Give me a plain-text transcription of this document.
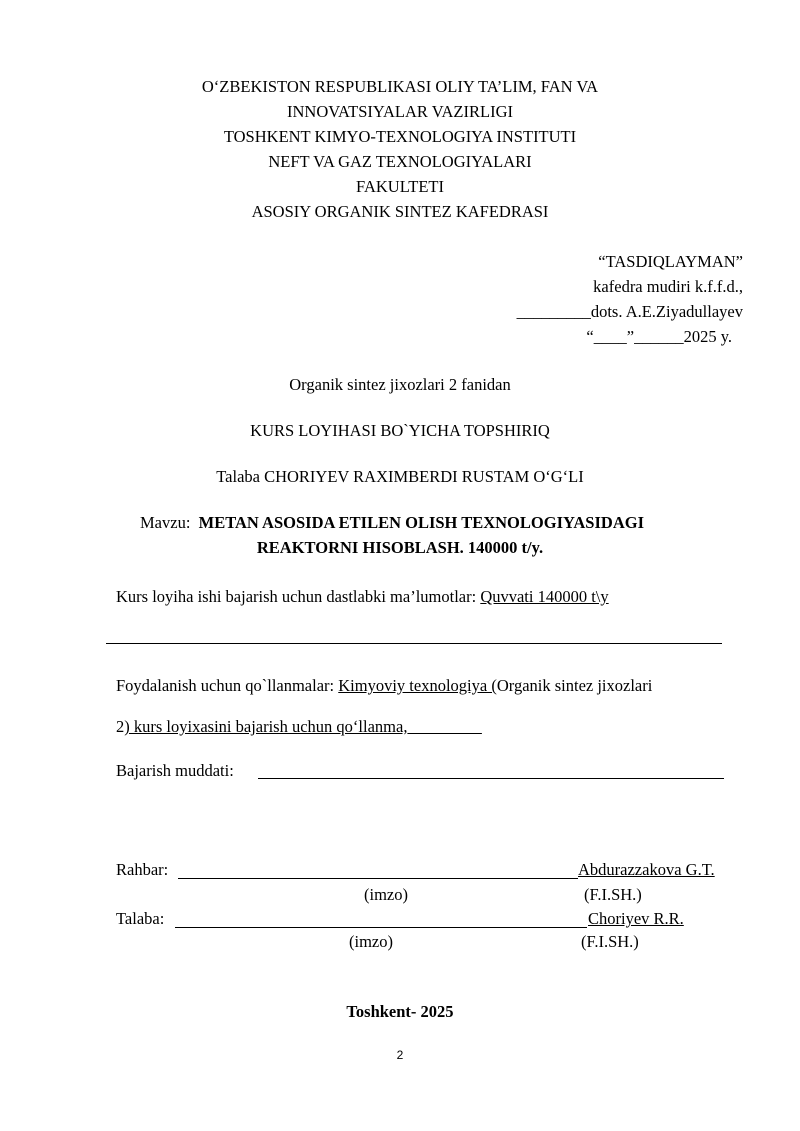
O‘ZBEKISTON RESPUBLIKASI OLIY TA’LIM, FAN VA
INNOVATSIYALAR VAZIRLIGI
TOSHKENT KIMYO-TEXNOLOGIYA INSTITUTI
NEFT VA GAZ TEXNOLOGIYALARI
FAKULTETI
ASOSIY ORGANIK SINTEZ KAFEDRASI
“TASDIQLAYMAN”
kafedra mudiri k.f.f.d.,
_________dots. A.E.Ziyadullayev
“____”______2025 y.
Organik sintez jixozlari 2 fanidan
KURS LOYIHASI BO`YICHA TOPSHIRIQ
Talaba CHORIYEV RAXIMBERDI RUSTAM O‘G‘LI
Mavzu: METAN ASOSIDA ETILEN OLISH TEXNOLOGIYASIDAGI
REAKTORNI HISOBLASH. 140000 t/y.
Kurs loyiha ishi bajarish uchun dastlabki ma’lumotlar: Quvvati 140000 t\y
Foydalanish uchun qo`llanmalar: Kimyoviy texnologiya (Organik sintez jixozlari
2) kurs loyixasini bajarish uchun qo‘llanma,_________
Bajarish muddati:
Rahbar:	Abdurazzakova G.T.
(imzo)	(F.I.SH.)
Talaba:	Choriyev R.R.
(imzo)	(F.I.SH.)
Toshkent- 2025
2
